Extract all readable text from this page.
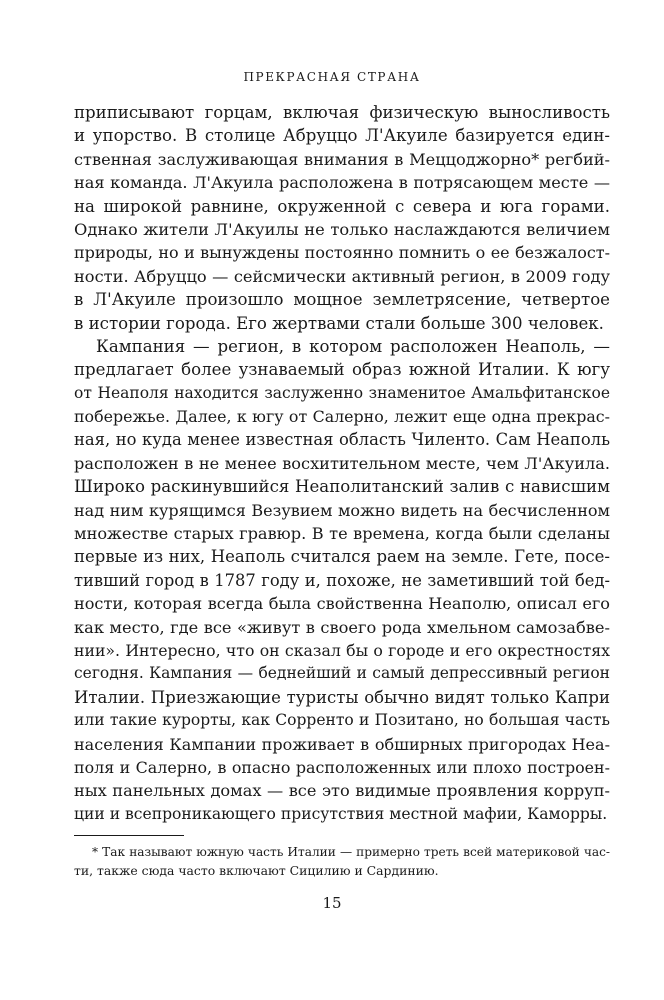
ПРЕКРАСНАЯ СТРАНА
приписывают горцам, включая физическую выносливость
и упорство. В столице Абруццо Л'Акуиле базируется един-
ственная заслуживающая внимания в Меццоджорно* регбий-
ная команда. Л'Акуила расположена в потрясающем месте —
на широкой равнине, окруженной с севера и юга горами.
Однако жители Л'Акуилы не только наслаждаются величием
природы, но и вынуждены постоянно помнить о ее безжалост-
ности. Абруццо — сейсмически активный регион, в 2009 году
в Л'Акуиле произошло мощное землетрясение, четвертое
в истории города. Его жертвами стали больше 300 человек.
Кампания — регион, в котором расположен Неаполь, —
предлагает более узнаваемый образ южной Италии. К югу
от Неаполя находится заслуженно знаменитое Амальфитанское
побережье. Далее, к югу от Салерно, лежит еще одна прекрас-
ная, но куда менее известная область Чиленто. Сам Неаполь
расположен в не менее восхитительном месте, чем Л'Акуила.
Широко раскинувшийся Неаполитанский залив с нависшим
над ним курящимся Везувием можно видеть на бесчисленном
множестве старых гравюр. В те времена, когда были сделаны
первые из них, Неаполь считался раем на земле. Гете, посе-
тивший город в 1787 году и, похоже, не заметивший той бед-
ности, которая всегда была свойственна Неаполю, описал его
как место, где все «живут в своего рода хмельном самозабве-
нии». Интересно, что он сказал бы о городе и его окрестностях
сегодня. Кампания — беднейший и самый депрессивный регион
Италии. Приезжающие туристы обычно видят только Капри
или такие курорты, как Сорренто и Позитано, но большая часть
населения Кампании проживает в обширных пригородах Неа-
поля и Салерно, в опасно расположенных или плохо построен-
ных панельных домах — все это видимые проявления корруп-
ции и всепроникающего присутствия местной мафии, Каморры.
* Так называют южную часть Италии — примерно треть всей материковой час-
ти, также сюда часто включают Сицилию и Сардинию.
15
